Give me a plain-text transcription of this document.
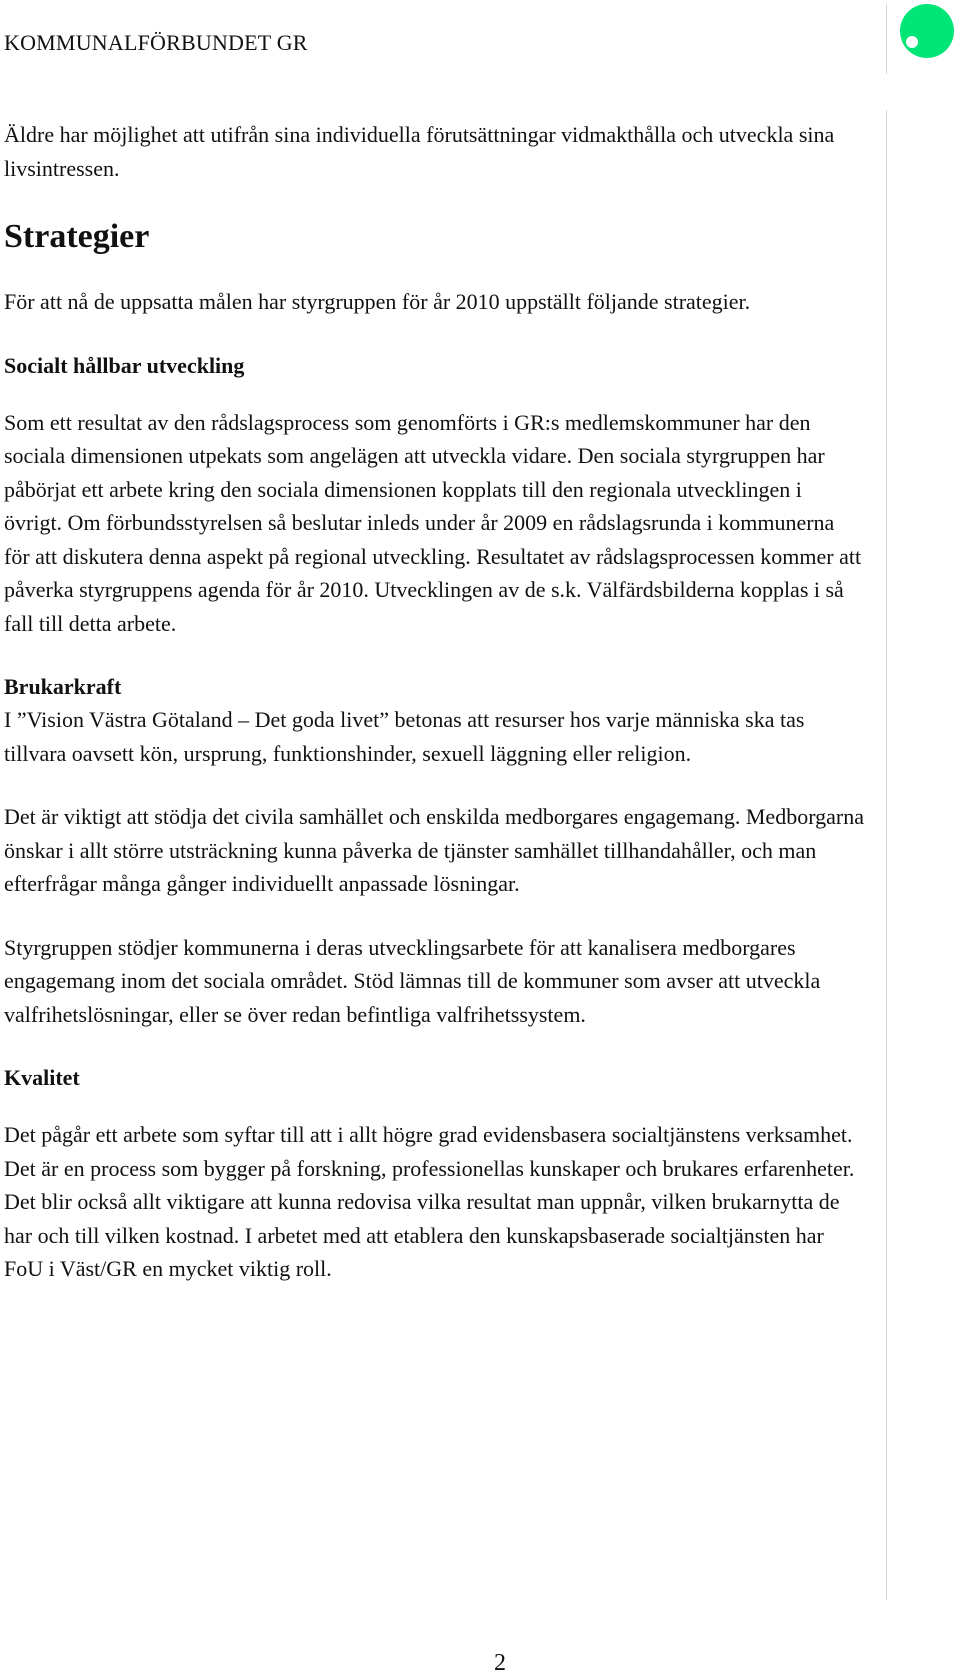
KOMMUNALFÖRBUNDET GR

Äldre har möjlighet att utifrån sina individuella förutsättningar vidmakthålla och utveckla sina livsintressen.

Strategier

För att nå de uppsatta målen har styrgruppen för år 2010 uppställt följande strategier.

Socialt hållbar utveckling

Som ett resultat av den rådslagsprocess som genomförts i GR:s medlemskommuner har den sociala dimensionen utpekats som angelägen att utveckla vidare. Den sociala styrgruppen har påbörjat ett arbete kring den sociala dimensionen kopplats till den regionala utvecklingen i övrigt. Om förbundsstyrelsen så beslutar inleds under år 2009 en rådslagsrunda i kommunerna för att diskutera denna aspekt på regional utveckling. Resultatet av rådslagsprocessen kommer att påverka styrgruppens agenda för år 2010. Utvecklingen av de s.k. Välfärdsbilderna kopplas i så fall till detta arbete.

Brukarkraft

I ”Vision Västra Götaland – Det goda livet” betonas att resurser hos varje människa ska tas tillvara oavsett kön, ursprung, funktionshinder, sexuell läggning eller religion.

Det är viktigt att stödja det civila samhället och enskilda medborgares engagemang. Medborgarna önskar i allt större utsträckning kunna påverka de tjänster samhället tillhandahåller, och man efterfrågar många gånger individuellt anpassade lösningar.

Styrgruppen stödjer kommunerna i deras utvecklingsarbete för att kanalisera medborgares engagemang inom det sociala området. Stöd lämnas till de kommuner som avser att utveckla valfrihetslösningar, eller se över redan befintliga valfrihetssystem.

Kvalitet

Det pågår ett arbete som syftar till att i allt högre grad evidensbasera socialtjänstens verksamhet. Det är en process som bygger på forskning, professionellas kunskaper och brukares erfarenheter. Det blir också allt viktigare att kunna redovisa vilka resultat man uppnår, vilken brukarnytta de har och till vilken kostnad. I arbetet med att etablera den kunskapsbaserade socialtjänsten har FoU i Väst/GR en mycket viktig roll.

2
